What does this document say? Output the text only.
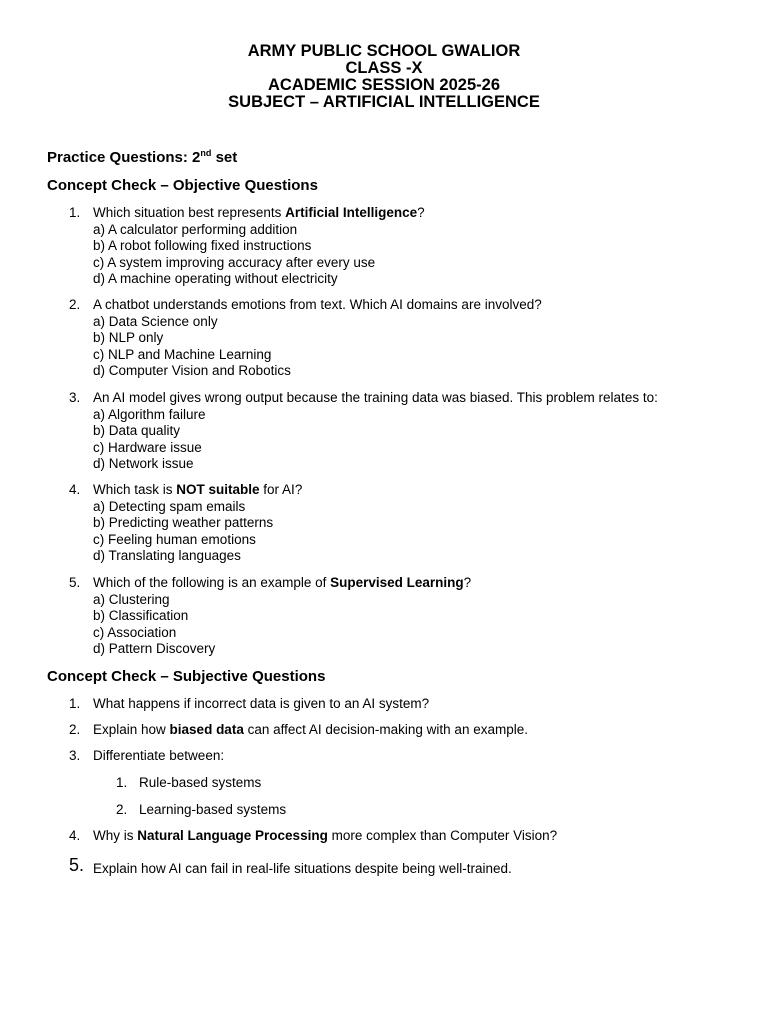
ARMY PUBLIC SCHOOL GWALIOR
CLASS -X
ACADEMIC SESSION 2025-26
SUBJECT – ARTIFICIAL INTELLIGENCE
Practice Questions: 2nd set
Concept Check – Objective Questions
1. Which situation best represents Artificial Intelligence?
a) A calculator performing addition
b) A robot following fixed instructions
c) A system improving accuracy after every use
d) A machine operating without electricity
2. A chatbot understands emotions from text. Which AI domains are involved?
a) Data Science only
b) NLP only
c) NLP and Machine Learning
d) Computer Vision and Robotics
3. An AI model gives wrong output because the training data was biased. This problem relates to:
a) Algorithm failure
b) Data quality
c) Hardware issue
d) Network issue
4. Which task is NOT suitable for AI?
a) Detecting spam emails
b) Predicting weather patterns
c) Feeling human emotions
d) Translating languages
5. Which of the following is an example of Supervised Learning?
a) Clustering
b) Classification
c) Association
d) Pattern Discovery
Concept Check – Subjective Questions
1. What happens if incorrect data is given to an AI system?
2. Explain how biased data can affect AI decision-making with an example.
3. Differentiate between:
1. Rule-based systems
2. Learning-based systems
4. Why is Natural Language Processing more complex than Computer Vision?
5. Explain how AI can fail in real-life situations despite being well-trained.
